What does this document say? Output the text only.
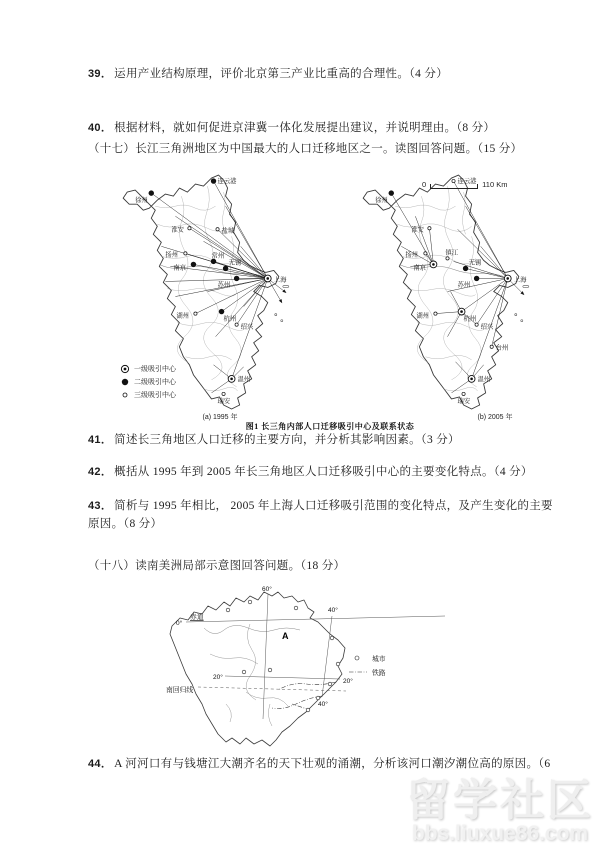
39． 运用产业结构原理，评价北京第三产业比重高的合理性。（4 分）
40． 根据材料，就如何促进京津冀一体化发展提出建议，并说明理由。（8 分）
（十七）长江三角洲地区为中国最大的人口迁移地区之一。读图回答问题。（15 分）
连云港
徐州
淮安	盐城
扬州
南京
常州
无锡
苏州
上海
湖州	杭州
绍兴
温州
瑞安
连云港
徐州
淮安
扬州
南京
镇江
无锡
苏州
上海
湖州	杭州
绍兴
台州
温州
瑞安
0	110 Km
一级吸引中心
二级吸引中心
三级吸引中心
(a) 1995 年	(b) 2005 年
图1 长三角内部人口迁移吸引中心及联系状态
41． 简述长三角地区人口迁移的主要方向，并分析其影响因素。（3 分）
42． 概括从 1995 年到 2005 年长三角地区人口迁移吸引中心的主要变化特点。（4 分）
43． 简析与 1995 年相比， 2005 年上海人口迁移吸引范围的变化特点，及产生变化的主要原因。（8 分）
（十八）读南美洲局部示意图回答问题。（18 分）
60°
40°
0°
赤道
A
20°
20°
南回归线
40°
城市
铁路
44． A 河河口有与钱塘江大潮齐名的天下壮观的涌潮，分析该河口潮汐潮位高的原因。（6
留学社区
bbs.liuxue86.com
